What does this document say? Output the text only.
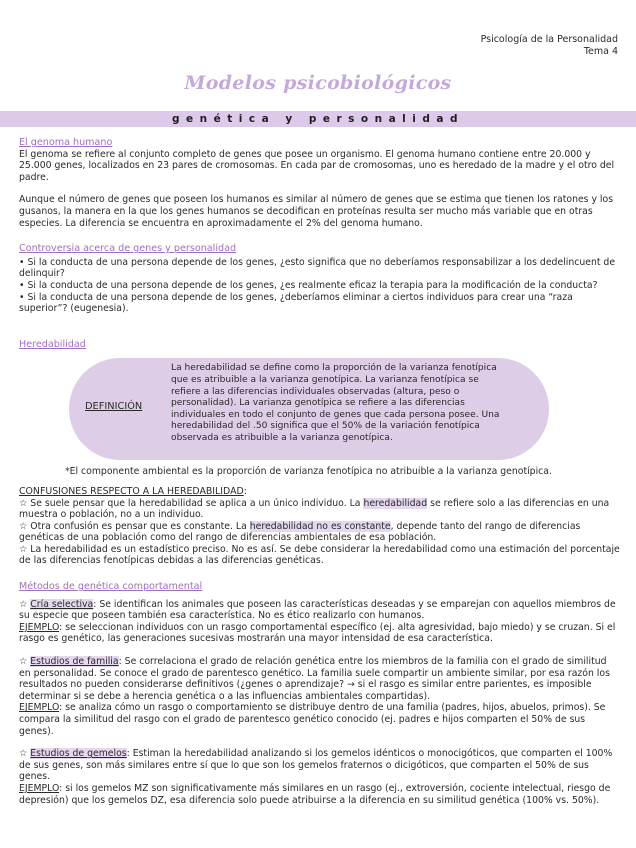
Psicología de la Personalidad
Tema 4
Modelos psicobiológicos
genética y personalidad

El genoma humano

El genoma se refiere al conjunto completo de genes que posee un organismo. El genoma humano contiene entre 20.000 y 25.000 genes, localizados en 23 pares de cromosomas. En cada par de cromosomas, uno es heredado de la madre y el otro del padre.

Aunque el número de genes que poseen los humanos es similar al número de genes que se estima que tienen los ratones y los gusanos, la manera en la que los genes humanos se decodifican en proteínas resulta ser mucho más variable que en otras especies. La diferencia se encuentra en aproximadamente el 2% del genoma humano.

Controversia acerca de genes y personalidad

• Si la conducta de una persona depende de los genes, ¿esto significa que no deberíamos responsabilizar a los dedelincuent de delinquir?

• Si la conducta de una persona depende de los genes, ¿es realmente eficaz la terapia para la modificación de la conducta?

• Si la conducta de una persona depende de los genes, ¿deberíamos eliminar a ciertos individuos para crear una “raza superior”? (eugenesia).

Heredabilidad

DEFINICIÓN
La heredabilidad se define como la proporción de la varianza fenotípica que es atribuible a la varianza genotípica. La varianza fenotípica se refiere a las diferencias individuales observadas (altura, peso o personalidad). La varianza genotípica se refiere a las diferencias individuales en todo el conjunto de genes que cada persona posee. Una heredabilidad del .50 significa que el 50% de la variación fenotípica observada es atribuible a la varianza genotípica.

*El componente ambiental es la proporción de varianza fenotípica no atribuible a la varianza genotípica.

CONFUSIONES RESPECTO A LA HEREDABILIDAD:

☆ Se suele pensar que la heredabilidad se aplica a un único individuo. La heredabilidad se refiere solo a las diferencias en una muestra o población, no a un individuo.

☆ Otra confusión es pensar que es constante. La heredabilidad no es constante, depende tanto del rango de diferencias genéticas de una población como del rango de diferencias ambientales de esa población.

☆ La heredabilidad es un estadístico preciso. No es así. Se debe considerar la heredabilidad como una estimación del porcentaje de las diferencias fenotípicas debidas a las diferencias genéticas.

Métodos de genética comportamental

☆ Cría selectiva: Se identifican los animales que poseen las características deseadas y se emparejan con aquellos miembros de su especie que poseen también esa característica. No es ético realizarlo con humanos.

EJEMPLO: se seleccionan individuos con un rasgo comportamental específico (ej. alta agresividad, bajo miedo) y se cruzan. Si el rasgo es genético, las generaciones sucesivas mostrarán una mayor intensidad de esa característica.

☆ Estudios de familia: Se correlaciona el grado de relación genética entre los miembros de la familia con el grado de similitud en personalidad. Se conoce el grado de parentesco genético. La familia suele compartir un ambiente similar, por esa razón los resultados no pueden considerarse definitivos (¿genes o aprendizaje? → si el rasgo es similar entre parientes, es imposible determinar si se debe a herencia genética o a las influencias ambientales compartidas).

EJEMPLO: se analiza cómo un rasgo o comportamiento se distribuye dentro de una familia (padres, hijos, abuelos, primos). Se compara la similitud del rasgo con el grado de parentesco genético conocido (ej. padres e hijos comparten el 50% de sus genes).

☆ Estudios de gemelos: Estiman la heredabilidad analizando si los gemelos idénticos o monocigóticos, que comparten el 100% de sus genes, son más similares entre sí que lo que son los gemelos fraternos o dicigóticos, que comparten el 50% de sus genes.

EJEMPLO: si los gemelos MZ son significativamente más similares en un rasgo (ej., extroversión, cociente intelectual, riesgo de depresión) que los gemelos DZ, esa diferencia solo puede atribuirse a la diferencia en su similitud genética (100% vs. 50%).
